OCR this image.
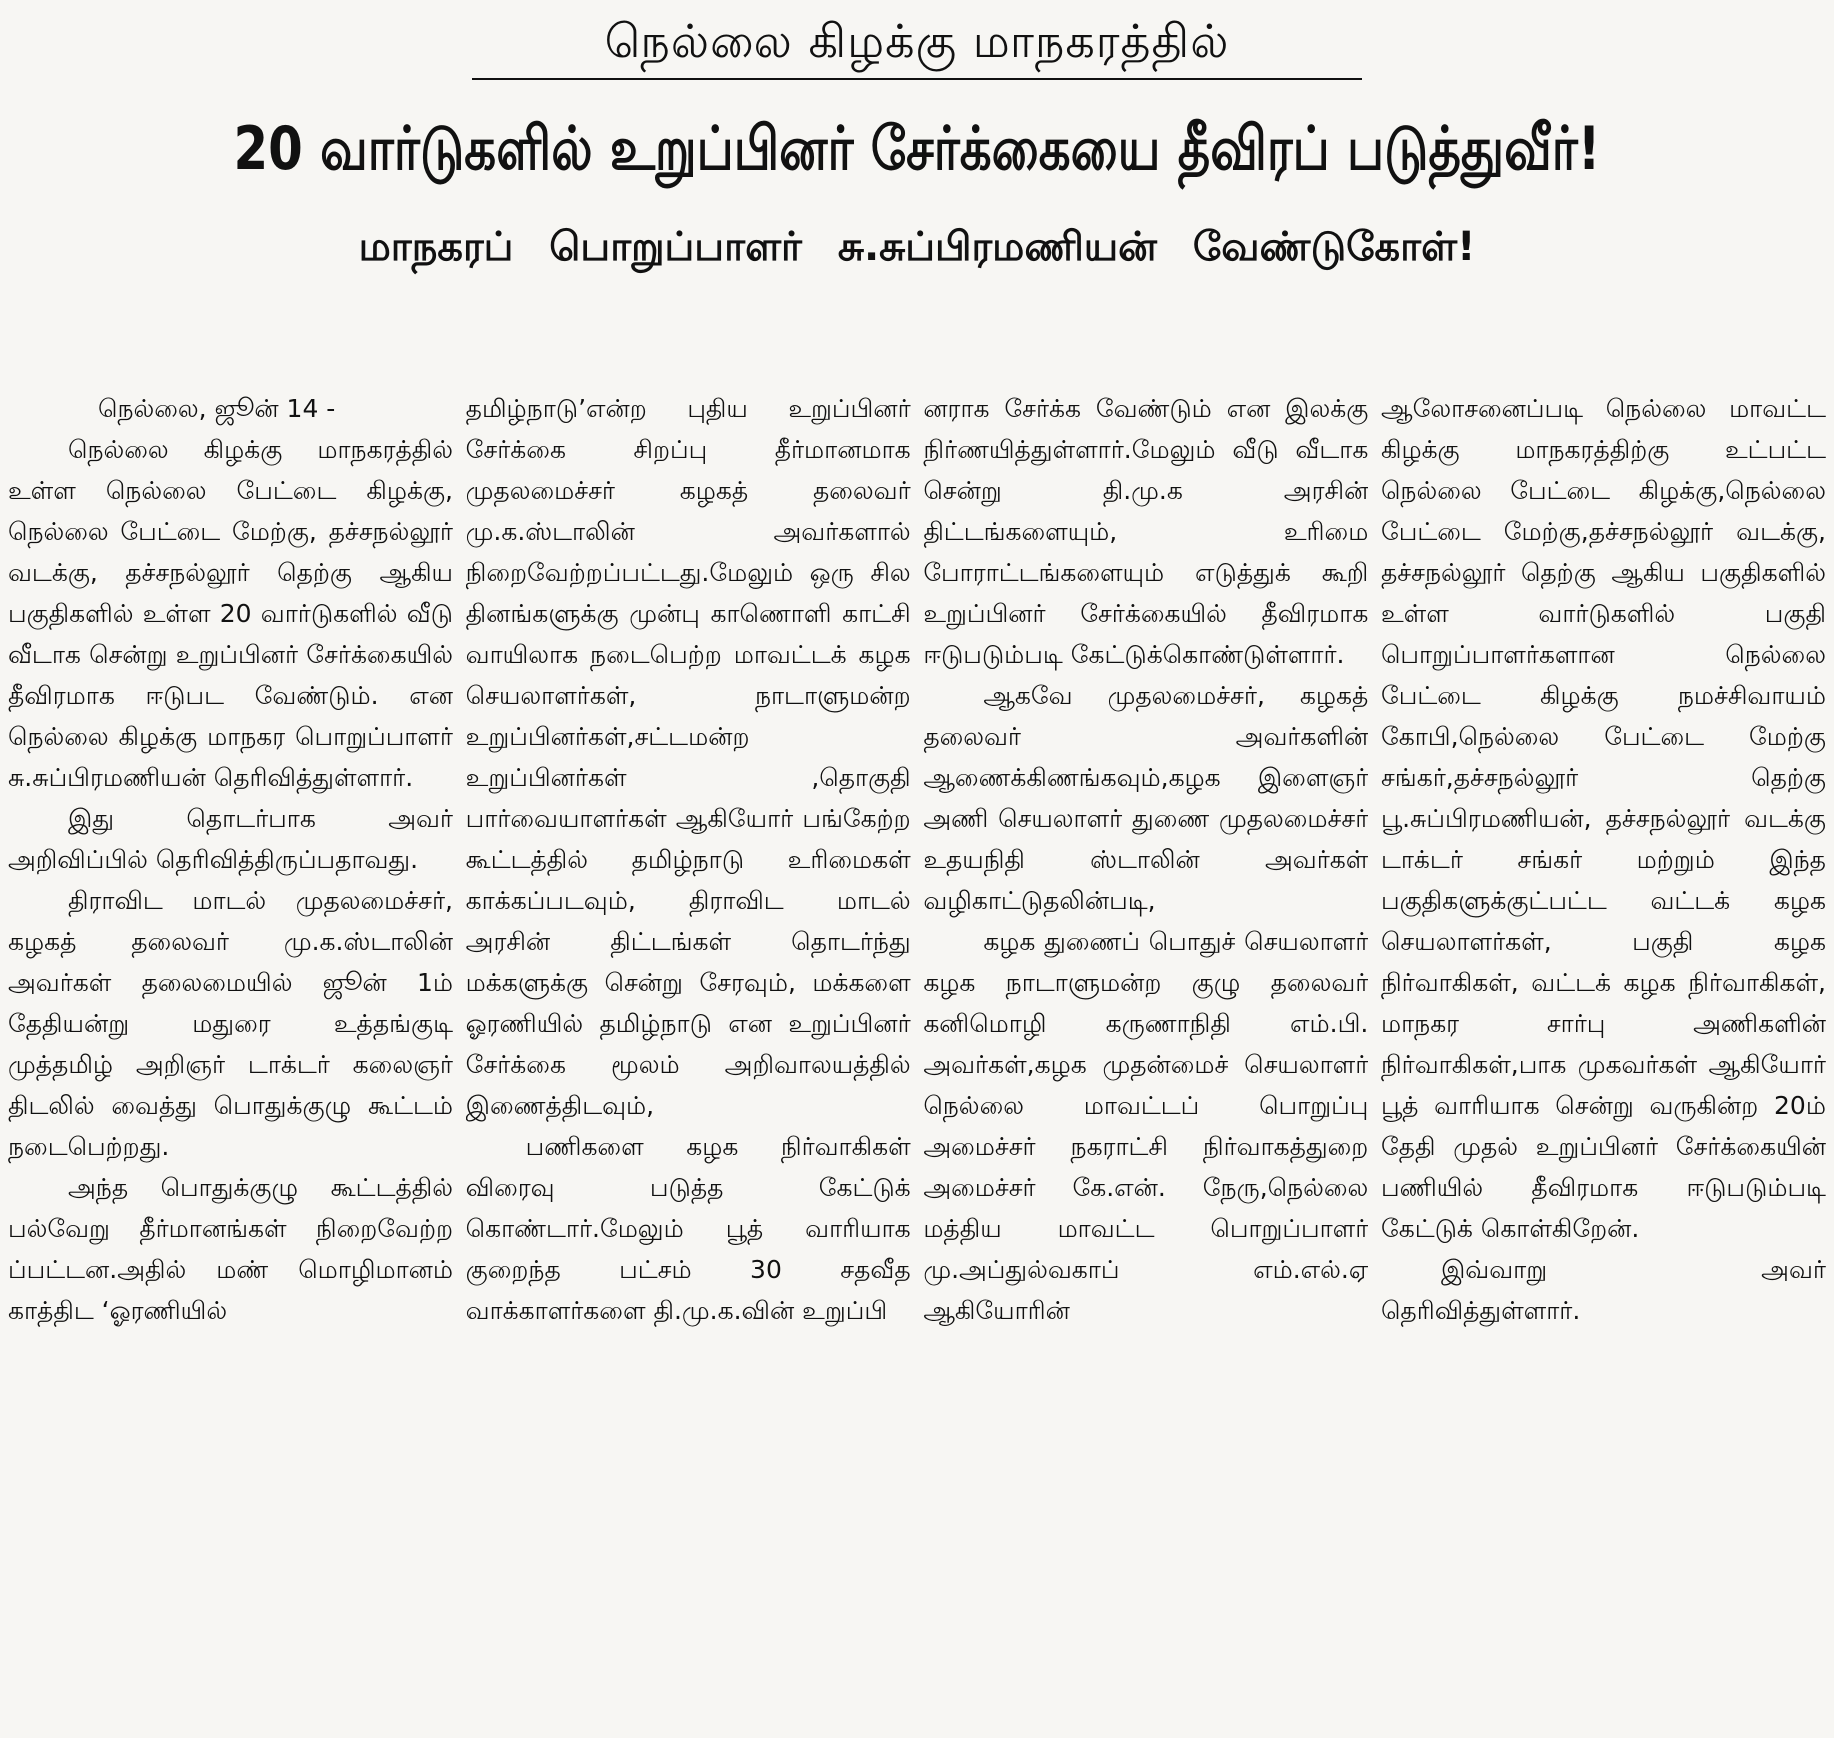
நெல்லை கிழக்கு மாநகரத்தில்
20 வார்டுகளில் உறுப்பினர் சேர்க்கையை தீவிரப் படுத்துவீர்!
மாநகரப் பொறுப்பாளர் சு.சுப்பிரமணியன் வேண்டுகோள்!

நெல்லை, ஜூன் 14 -

நெல்லை கிழக்கு மாநகரத்தில் உள்ள நெல்லை பேட்டை கிழக்கு, நெல்லை பேட்டை மேற்கு, தச்சநல்லூர் வடக்கு, தச்சநல்லூர் தெற்கு ஆகிய பகுதிகளில் உள்ள 20 வார்டுகளில் வீடு வீடாக சென்று உறுப்பினர் சேர்க்கையில் தீவிரமாக ஈடுபட வேண்டும். என நெல்லை கிழக்கு மாநகர பொறுப்பாளர் சு.சுப்பிரமணியன் தெரிவித்துள்ளார்.

இது தொடர்பாக அவர் அறிவிப்பில் தெரிவித்திருப்பதாவது.

திராவிட மாடல் முதலமைச்சர், கழகத் தலைவர் மு.க.ஸ்டாலின் அவர்கள் தலைமையில் ஜூன் 1ம் தேதியன்று மதுரை உத்தங்குடி முத்தமிழ் அறிஞர் டாக்டர் கலைஞர் திடலில் வைத்து பொதுக்குழு கூட்டம் நடைபெற்றது.

அந்த பொதுக்குழு கூட்டத்தில் பல்வேறு தீர்மானங்கள் நிறைவேற்ற ப்பட்டன.அதில் மண் மொழிமானம் காத்திட ‘ஓரணியில்

தமிழ்நாடு’என்ற புதிய உறுப்பினர் சேர்க்கை சிறப்பு தீர்மானமாக முதலமைச்சர் கழகத் தலைவர் மு.க.ஸ்டாலின் அவர்களால் நிறைவேற்றப்பட்டது.மேலும் ஒரு சில தினங்களுக்கு முன்பு காணொளி காட்சி வாயிலாக நடைபெற்ற மாவட்டக் கழக செயலாளர்கள், நாடாளுமன்ற உறுப்பினர்கள்,சட்டமன்ற உறுப்பினர்கள் ,தொகுதி பார்வையாளர்கள் ஆகியோர் பங்கேற்ற கூட்டத்தில் தமிழ்நாடு உரிமைகள் காக்கப்படவும், திராவிட மாடல் அரசின் திட்டங்கள் தொடர்ந்து மக்களுக்கு சென்று சேரவும், மக்களை ஓரணியில் தமிழ்நாடு என உறுப்பினர் சேர்க்கை மூலம் அறிவாலயத்தில் இணைத்திடவும்,

பணிகளை கழக நிர்வாகிகள் விரைவு படுத்த கேட்டுக் கொண்டார்.மேலும் பூத் வாரியாக குறைந்த பட்சம் 30 சதவீத வாக்காளர்களை தி.மு.க.வின் உறுப்பி

னராக சேர்க்க வேண்டும் என இலக்கு நிர்ணயித்துள்ளார்.மேலும் வீடு வீடாக சென்று தி.மு.க அரசின் திட்டங்களையும், உரிமை போராட்டங்களையும் எடுத்துக் கூறி உறுப்பினர் சேர்க்கையில் தீவிரமாக ஈடுபடும்படி கேட்டுக்கொண்டுள்ளார்.

ஆகவே முதலமைச்சர், கழகத் தலைவர் அவர்களின் ஆணைக்கிணங்கவும்,கழக இளைஞர் அணி செயலாளர் துணை முதலமைச்சர் உதயநிதி ஸ்டாலின் அவர்கள் வழிகாட்டுதலின்படி,

கழக துணைப் பொதுச் செயலாளர் கழக நாடாளுமன்ற குழு தலைவர் கனிமொழி கருணாநிதி எம்.பி. அவர்கள்,கழக முதன்மைச் செயலாளர் நெல்லை மாவட்டப் பொறுப்பு அமைச்சர் நகராட்சி நிர்வாகத்துறை அமைச்சர் கே.என். நேரு,நெல்லை மத்திய மாவட்ட பொறுப்பாளர் மு.அப்துல்வகாப் எம்.எல்.ஏ ஆகியோரின்

ஆலோசனைப்படி நெல்லை மாவட்ட கிழக்கு மாநகரத்திற்கு உட்பட்ட நெல்லை பேட்டை கிழக்கு,நெல்லை பேட்டை மேற்கு,தச்சநல்லூர் வடக்கு, தச்சநல்லூர் தெற்கு ஆகிய பகுதிகளில் உள்ள வார்டுகளில் பகுதி பொறுப்பாளர்களான நெல்லை பேட்டை கிழக்கு நமச்சிவாயம் கோபி,நெல்லை பேட்டை மேற்கு சங்கர்,தச்சநல்லூர் தெற்கு பூ.சுப்பிரமணியன், தச்சநல்லூர் வடக்கு டாக்டர் சங்கர் மற்றும் இந்த பகுதிகளுக்குட்பட்ட வட்டக் கழக செயலாளர்கள், பகுதி கழக நிர்வாகிகள், வட்டக் கழக நிர்வாகிகள், மாநகர சார்பு அணிகளின் நிர்வாகிகள்,பாக முகவர்கள் ஆகியோர் பூத் வாரியாக சென்று வருகின்ற 20ம் தேதி முதல் உறுப்பினர் சேர்க்கையின் பணியில் தீவிரமாக ஈடுபடும்படி கேட்டுக் கொள்கிறேன்.

இவ்வாறு அவர் தெரிவித்துள்ளார்.
